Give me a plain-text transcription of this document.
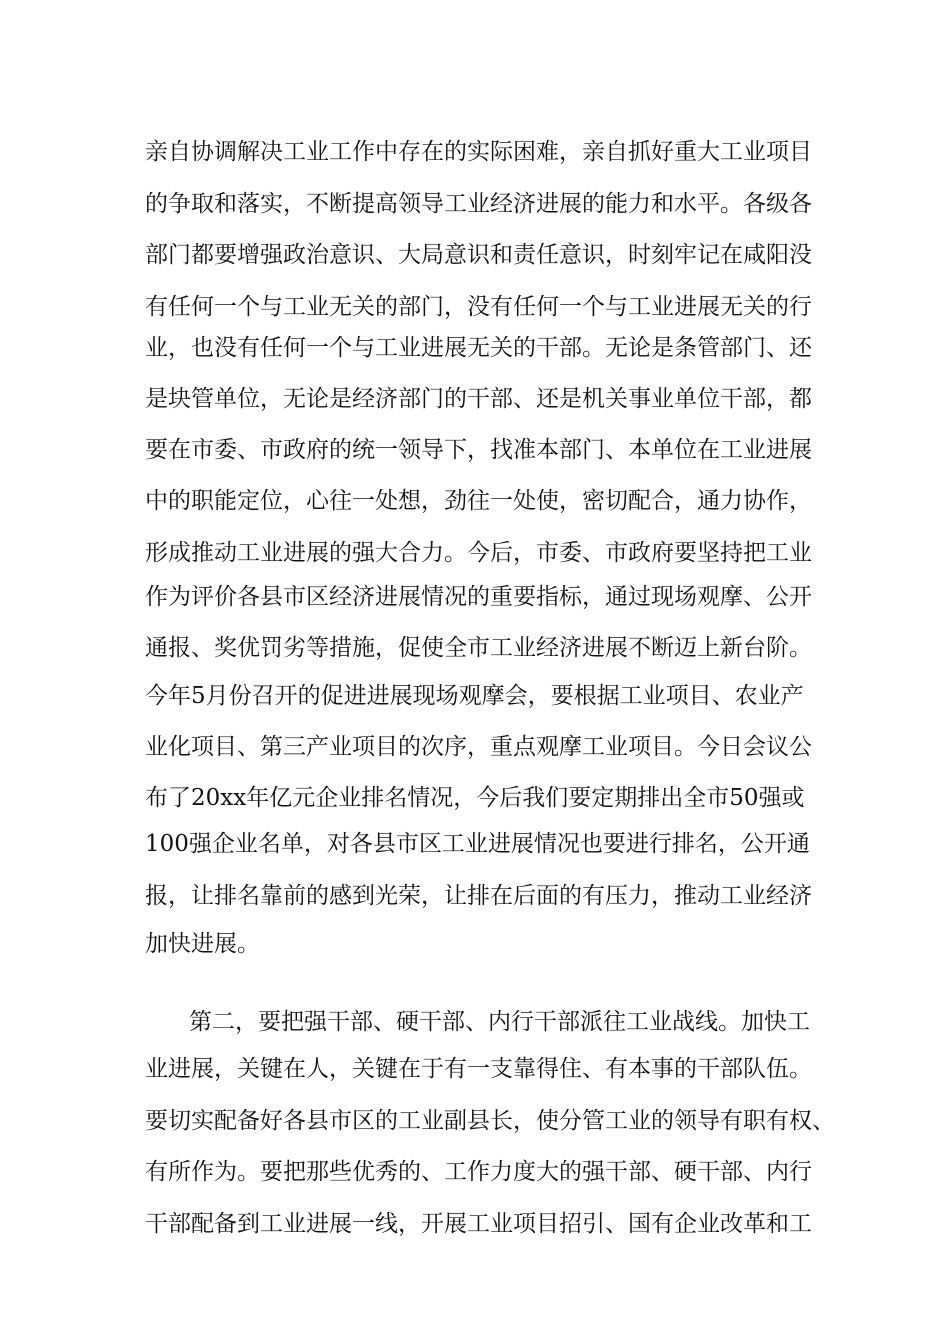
亲自协调解决工业工作中存在的实际困难，亲自抓好重大工业项目
的争取和落实，不断提高领导工业经济进展的能力和水平。各级各
部门都要增强政治意识、大局意识和责任意识，时刻牢记在咸阳没
有任何一个与工业无关的部门，没有任何一个与工业进展无关的行
业，也没有任何一个与工业进展无关的干部。无论是条管部门、还
是块管单位，无论是经济部门的干部、还是机关事业单位干部，都
要在市委、市政府的统一领导下，找准本部门、本单位在工业进展
中的职能定位，心往一处想，劲往一处使，密切配合，通力协作，
形成推动工业进展的强大合力。今后，市委、市政府要坚持把工业
作为评价各县市区经济进展情况的重要指标，通过现场观摩、公开
通报、奖优罚劣等措施，促使全市工业经济进展不断迈上新台阶。
今年5月份召开的促进进展现场观摩会，要根据工业项目、农业产
业化项目、第三产业项目的次序，重点观摩工业项目。今日会议公
布了20xx年亿元企业排名情况，今后我们要定期排出全市50强或
100强企业名单，对各县市区工业进展情况也要进行排名，公开通
报，让排名靠前的感到光荣，让排在后面的有压力，推动工业经济
加快进展。
第二，要把强干部、硬干部、内行干部派往工业战线。加快工
业进展，关键在人，关键在于有一支靠得住、有本事的干部队伍。
要切实配备好各县市区的工业副县长，使分管工业的领导有职有权、
有所作为。要把那些优秀的、工作力度大的强干部、硬干部、内行
干部配备到工业进展一线，开展工业项目招引、国有企业改革和工
